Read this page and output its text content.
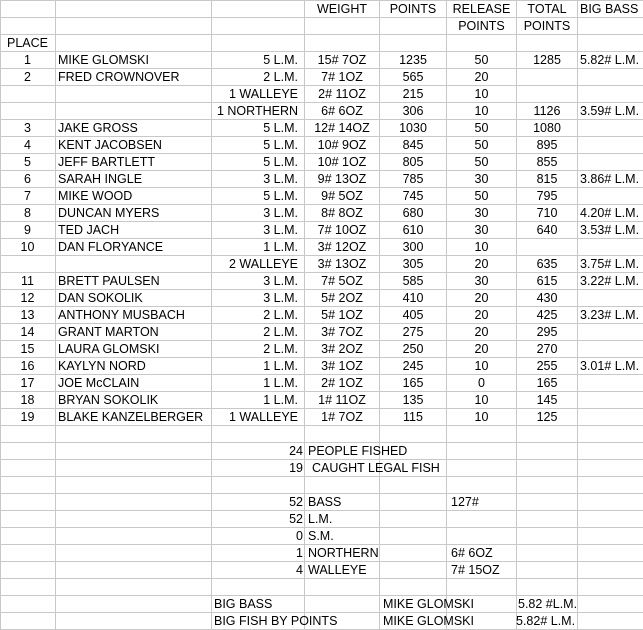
WEIGHT	POINTS	RELEASE
POINTS
TOTAL
POINTS
BIG BASS
PLACE
1	MIKE GLOMSKI	5 L.M.	15# 7OZ	1235	50	1285	5.82# L.M.
2	FRED CROWNOVER	2 L.M.	7# 1OZ	565	20
1 WALLEYE	2# 11OZ	215	10
1 NORTHERN	6# 6OZ	306	10	1126	3.59# L.M.
3	JAKE GROSS	5 L.M.	12# 14OZ	1030	50	1080
4	KENT JACOBSEN	5 L.M.	10# 9OZ	845	50	895
5	JEFF BARTLETT	5 L.M.	10# 1OZ	805	50	855
6	SARAH INGLE	3 L.M.	9# 13OZ	785	30	815	3.86# L.M.
7	MIKE WOOD	5 L.M.	9# 5OZ	745	50	795
8	DUNCAN MYERS	3 L.M.	8# 8OZ	680	30	710	4.20# L.M.
9	TED JACH	3 L.M.	7# 10OZ	610	30	640	3.53# L.M.
10	DAN FLORYANCE	1 L.M.	3# 12OZ	300	10
2 WALLEYE	3# 13OZ	305	20	635	3.75# L.M.
11	BRETT PAULSEN	3 L.M.	7# 5OZ	585	30	615	3.22# L.M.
12	DAN SOKOLIK	3 L.M.	5# 2OZ	410	20	430
13	ANTHONY MUSBACH	2 L.M.	5# 1OZ	405	20	425	3.23# L.M.
14	GRANT MARTON	2 L.M.	3# 7OZ	275	20	295
15	LAURA GLOMSKI	2 L.M.	3# 2OZ	250	20	270
16	KAYLYN NORD	1 L.M.	3# 1OZ	245	10	255	3.01# L.M.
17	JOE McCLAIN	1 L.M.	2# 1OZ	165	0	165
18	BRYAN SOKOLIK	1 L.M.	1# 11OZ	135	10	145
19	BLAKE KANZELBERGER	1 WALLEYE	1# 7OZ	115	10	125
24 PEOPLE FISHED
19 CAUGHT LEGAL FISH
52 BASS	127#
52 L.M.
0 S.M.
1 NORTHERN	6# 6OZ
4 WALLEYE	7# 15OZ
BIG BASS	MIKE GLOMSKI	5.82 #L.M.
BIG FISH BY POINTS	MIKE GLOMSKI	5.82# L.M.
